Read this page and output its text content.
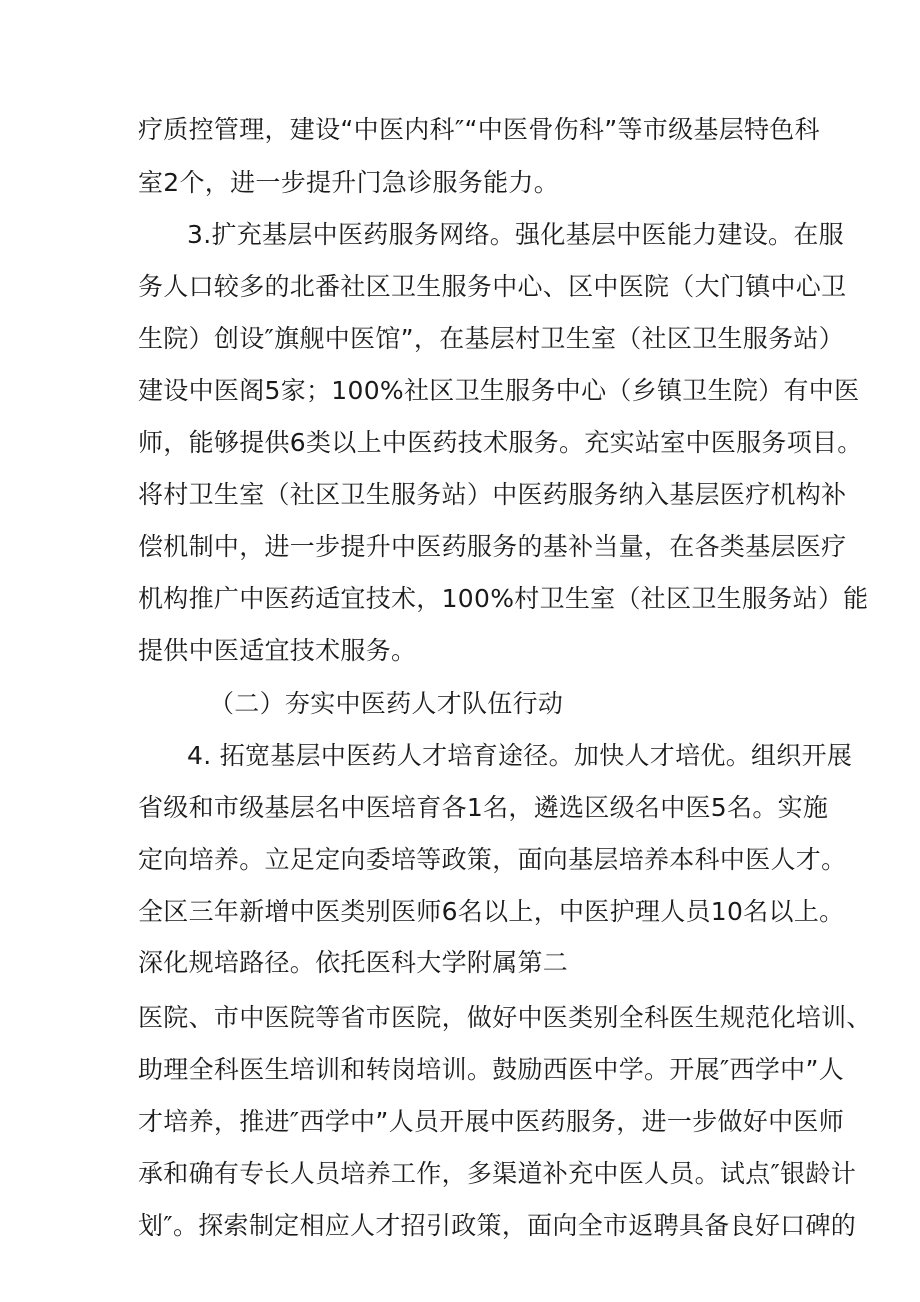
疗质控管理，建设“中医内科″“中医骨伤科”等市级基层特色科
室2个，进一步提升门急诊服务能力。
3.扩充基层中医药服务网络。强化基层中医能力建设。在服
务人口较多的北番社区卫生服务中心、区中医院（大门镇中心卫
生院）创设″旗舰中医馆”，在基层村卫生室（社区卫生服务站）
建设中医阁5家；100%社区卫生服务中心（乡镇卫生院）有中医
师，能够提供6类以上中医药技术服务。充实站室中医服务项目。
将村卫生室（社区卫生服务站）中医药服务纳入基层医疗机构补
偿机制中，进一步提升中医药服务的基补当量，在各类基层医疗
机构推广中医药适宜技术，100%村卫生室（社区卫生服务站）能
提供中医适宜技术服务。
（二）夯实中医药人才队伍行动
4. 拓宽基层中医药人才培育途径。加快人才培优。组织开展
省级和市级基层名中医培育各1名，遴选区级名中医5名。实施
定向培养。立足定向委培等政策，面向基层培养本科中医人才。
全区三年新增中医类别医师6名以上，中医护理人员10名以上。
深化规培路径。依托医科大学附属第二
医院、市中医院等省市医院，做好中医类别全科医生规范化培训、
助理全科医生培训和转岗培训。鼓励西医中学。开展″西学中”人
才培养，推进″西学中”人员开展中医药服务，进一步做好中医师
承和确有专长人员培养工作，多渠道补充中医人员。试点″银龄计
划″。探索制定相应人才招引政策，面向全市返聘具备良好口碑的
